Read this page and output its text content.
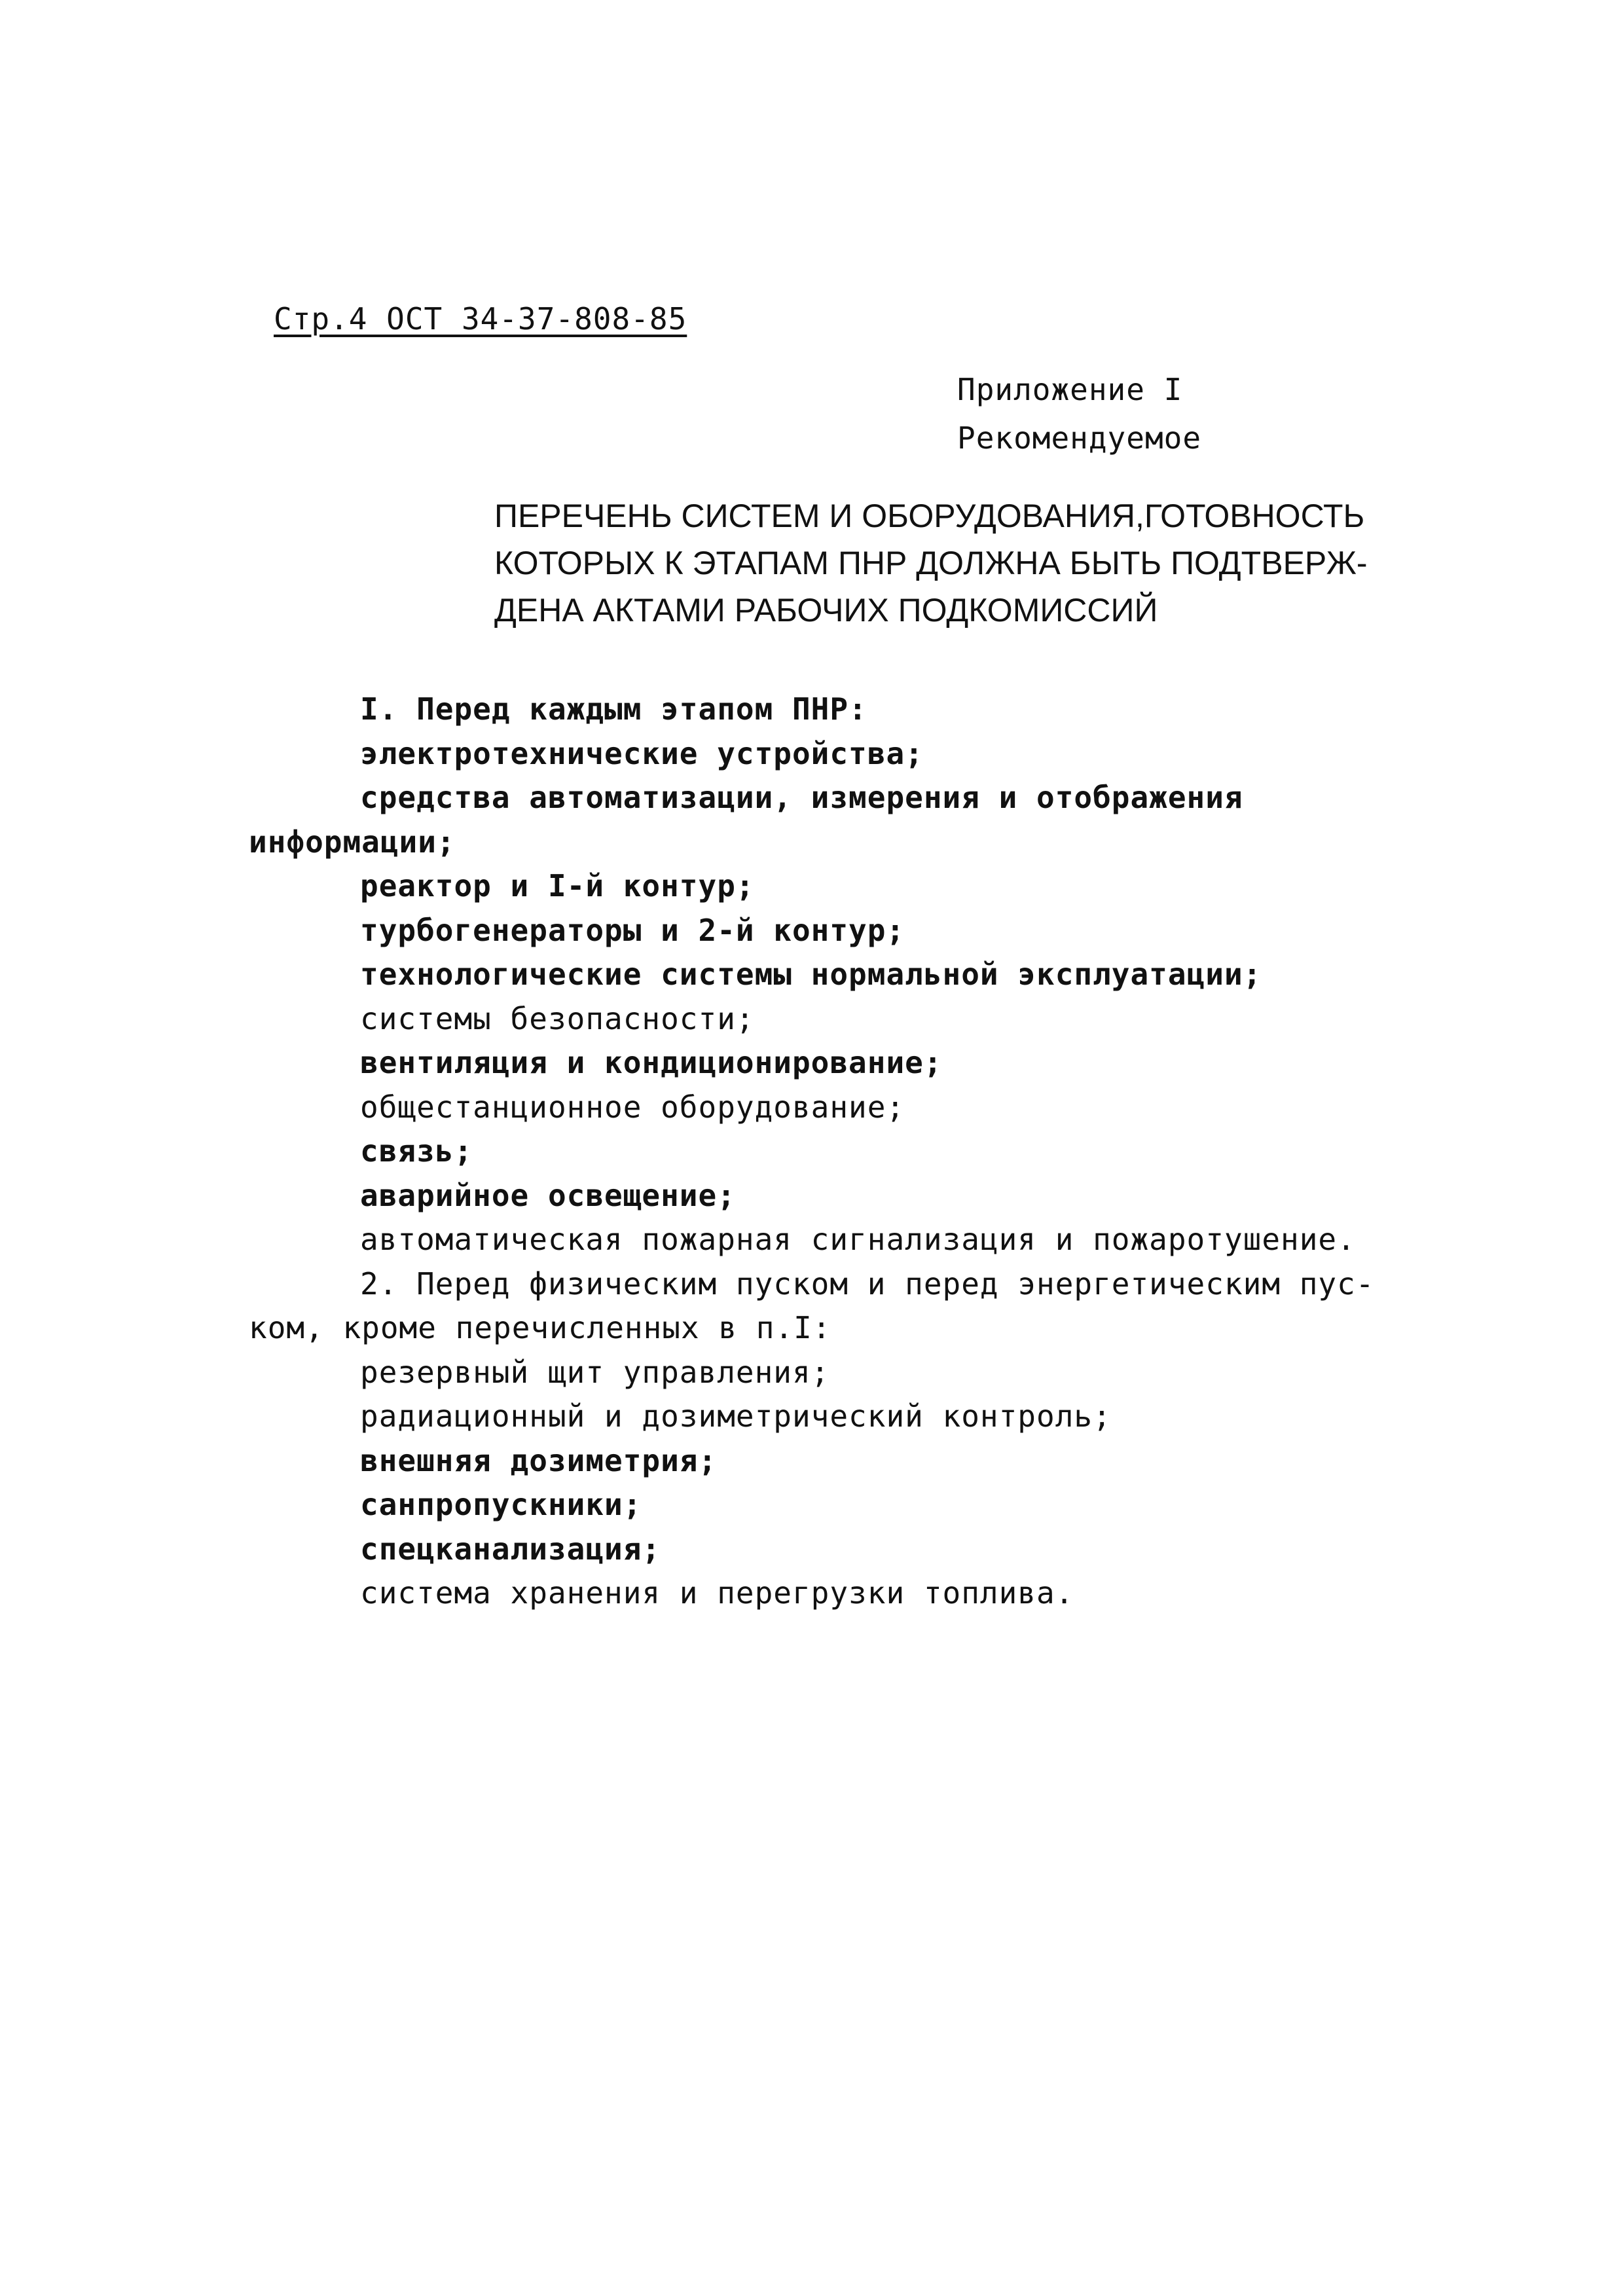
Стр.4 ОСТ 34-37-808-85
Приложение I
Рекомендуемое
ПЕРЕЧЕНЬ СИСТЕМ И ОБОРУДОВАНИЯ,ГОТОВНОСТЬ
КОТОРЫХ К ЭТАПАМ ПНР ДОЛЖНА БЫТЬ ПОДТВЕРЖ-
ДЕНА АКТАМИ РАБОЧИХ ПОДКОМИССИЙ
I. Перед каждым этапом ПНР:
электротехнические устройства;
средства автоматизации, измерения и отображения
информации;
реактор и I-й контур;
турбогенераторы и 2-й контур;
технологические системы нормальной эксплуатации;
системы безопасности;
вентиляция и кондиционирование;
общестанционное оборудование;
связь;
аварийное освещение;
автоматическая пожарная сигнализация и пожаротушение.
2. Перед физическим пуском и перед энергетическим пус-
ком, кроме перечисленных в п.I:
резервный щит управления;
радиационный и дозиметрический контроль;
внешняя дозиметрия;
санпропускники;
спецканализация;
система хранения и перегрузки топлива.
